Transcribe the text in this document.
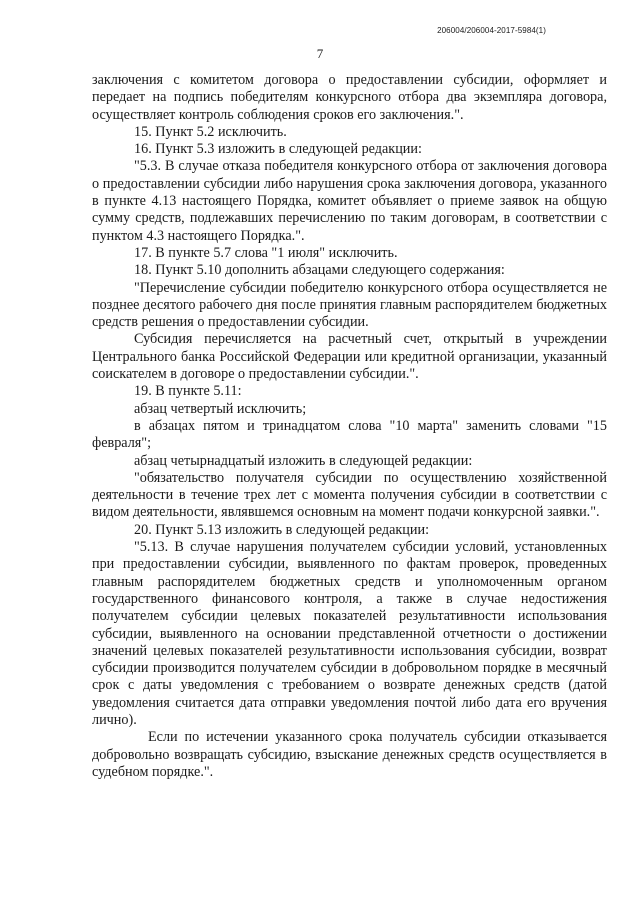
206004/206004-2017-5984(1)
7

заключения с комитетом договора о предоставлении субсидии, оформляет и передает на подпись победителям конкурсного отбора два экземпляра договора, осуществляет контроль соблюдения сроков его заключения.".

15. Пункт 5.2 исключить.

16. Пункт 5.3 изложить в следующей редакции:

"5.3. В случае отказа победителя конкурсного отбора от заключения договора о предоставлении субсидии либо нарушения срока заключения договора, указанного в пункте 4.13 настоящего Порядка, комитет объявляет о приеме заявок на общую сумму средств, подлежавших перечислению по таким договорам, в соответствии с пунктом 4.3 настоящего Порядка.".

17. В пункте 5.7 слова "1 июля" исключить.

18. Пункт 5.10 дополнить абзацами следующего содержания:

"Перечисление субсидии победителю конкурсного отбора осуществляется не позднее десятого рабочего дня после принятия главным распорядителем бюджетных средств решения о предоставлении субсидии.

Субсидия перечисляется на расчетный счет, открытый в учреждении Центрального банка Российской Федерации или кредитной организации, указанный соискателем в договоре о предоставлении субсидии.".

19. В пункте 5.11:

абзац четвертый исключить;

в абзацах пятом и тринадцатом слова "10 марта" заменить словами "15 февраля";

абзац четырнадцатый изложить в следующей редакции:

"обязательство получателя субсидии по осуществлению хозяйственной деятельности в течение трех лет с момента получения субсидии в соответствии с видом деятельности, являвшемся основным на момент подачи конкурсной заявки.".

20. Пункт 5.13 изложить в следующей редакции:

"5.13. В случае нарушения получателем субсидии условий, установленных при предоставлении субсидии, выявленного по фактам проверок, проведенных главным распорядителем бюджетных средств и уполномоченным органом государственного финансового контроля, а также в случае недостижения получателем субсидии целевых показателей результативности использования субсидии, выявленного на основании представленной отчетности о достижении значений целевых показателей результативности использования субсидии, возврат субсидии производится получателем субсидии в добровольном порядке в месячный срок с даты уведомления с требованием о возврате денежных средств (датой уведомления считается дата отправки уведомления почтой либо дата его вручения лично).

Если по истечении указанного срока получатель субсидии отказывается добровольно возвращать субсидию, взыскание денежных средств осуществляется в судебном порядке.".
